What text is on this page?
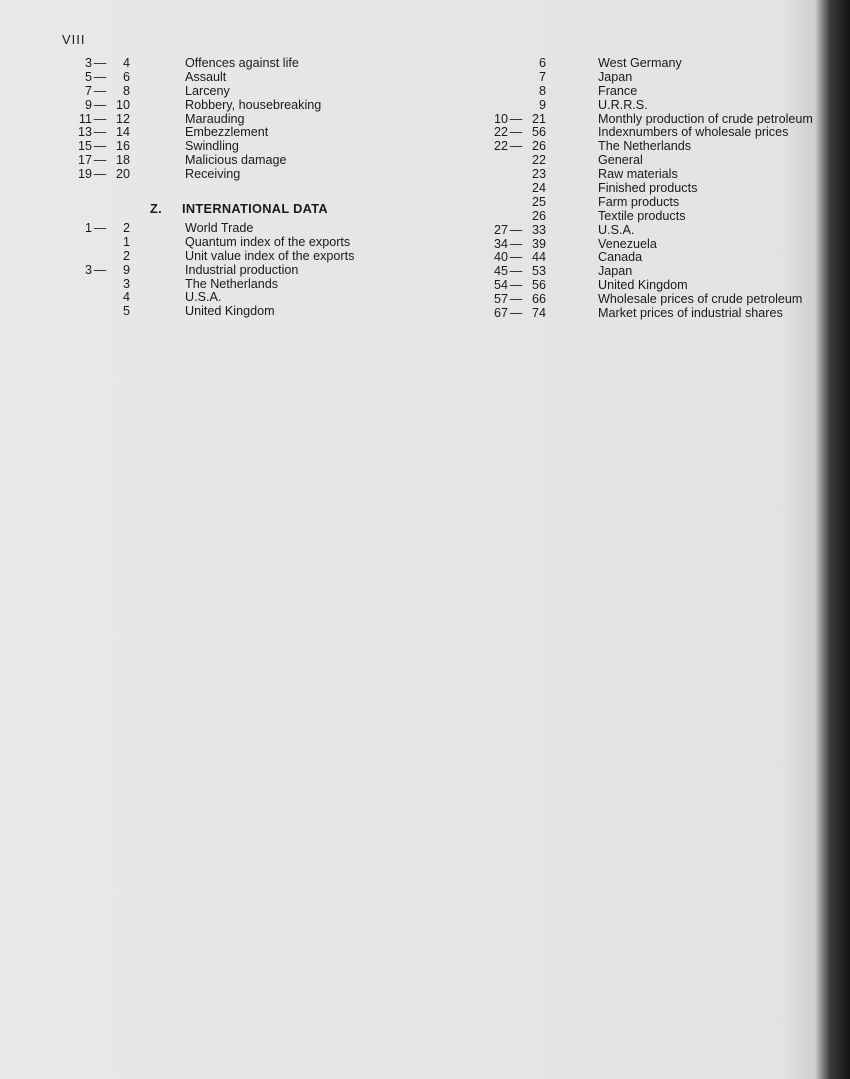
VIII
3 —	4	Offences against life
5 —	6	Assault
7 —	8	Larceny
9 — 10	Robbery, housebreaking
11 — 12	Marauding
13 — 14	Embezzlement
15 — 16	Swindling
17 — 18	Malicious damage
19 — 20	Receiving
Z. INTERNATIONAL DATA
1 —	2	World Trade
1	Quantum index of the exports
2	Unit value index of the exports
3 —	9	Industrial production
3	The Netherlands
4	U.S.A.
5	United Kingdom
6	West Germany
7	Japan
8	France
9	U.R.R.S.
10 — 21	Monthly production of crude petroleum
22 — 56	Indexnumbers of wholesale prices
22 — 26	The Netherlands
22	General
23	Raw materials
24	Finished products
25	Farm products
26	Textile products
27 — 33	U.S.A.
34 — 39	Venezuela
40 — 44	Canada
45 — 53	Japan
54 — 56	United Kingdom
57 — 66	Wholesale prices of crude petroleum
67 — 74	Market prices of industrial shares
